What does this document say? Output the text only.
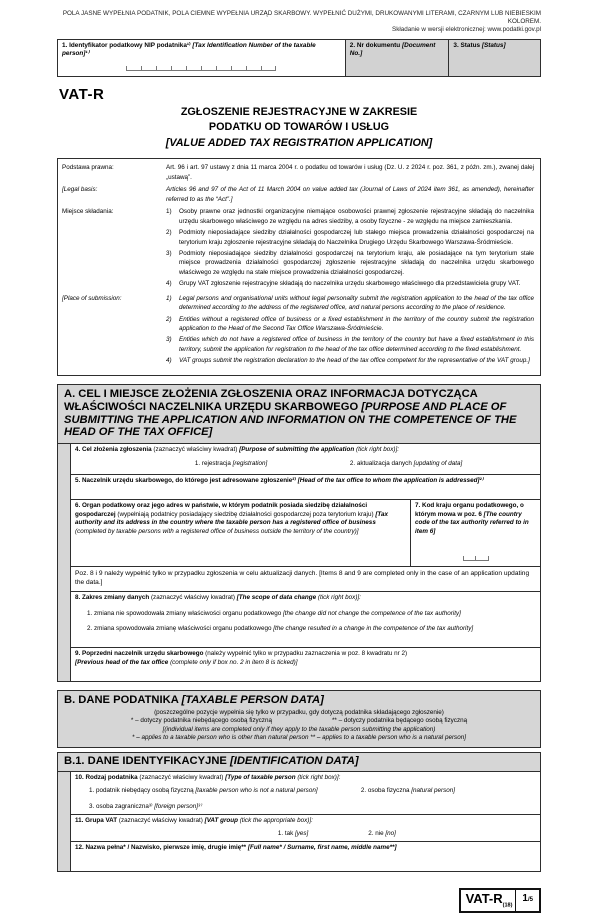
POLA JASNE WYPEŁNIA PODATNIK, POLA CIEMNE WYPEŁNIA URZĄD SKARBOWY. WYPEŁNIĆ DUŻYMI, DRUKOWANYMI LITERAMI, CZARNYM LUB NIEBIESKIM KOLOREM.
Składanie w wersji elektronicznej: www.podatki.gov.pl
1. Identyfikator podatkowy NIP podatnika¹⁾ [Tax Identification Number of the taxable person]¹⁾
2. Nr dokumentu [Document No.]
3. Status [Status]
VAT-R
ZGŁOSZENIE REJESTRACYJNE W ZAKRESIE
PODATKU OD TOWARÓW I USŁUG
[VALUE ADDED TAX REGISTRATION APPLICATION]
Podstawa prawna:	Art. 96 i art. 97 ustawy z dnia 11 marca 2004 r. o podatku od towarów i usług (Dz. U. z 2024 r. poz. 361, z późn. zm.), zwanej dalej „ustawą”.
[Legal basis:	Articles 96 and 97 of the Act of 11 March 2004 on value added tax (Journal of Laws of 2024 item 361, as amended), hereinafter referred to as the “Act”.]
Miejsce składania:	1)	Osoby prawne oraz jednostki organizacyjne niemające osobowości prawnej zgłoszenie rejestracyjne składają do naczelnika urzędu skarbowego właściwego ze względu na adres siedziby, a osoby fizyczne - ze względu na miejsce zamieszkania.
2)	Podmioty nieposiadające siedziby działalności gospodarczej lub stałego miejsca prowadzenia działalności gospodarczej na terytorium kraju zgłoszenie rejestracyjne składają do Naczelnika Drugiego Urzędu Skarbowego Warszawa-Śródmieście.
3)	Podmioty nieposiadające siedziby działalności gospodarczej na terytorium kraju, ale posiadające na tym terytorium stałe miejsce prowadzenia działalności gospodarczej zgłoszenie rejestracyjne składają do naczelnika urzędu skarbowego właściwego ze względu na stałe miejsce prowadzenia działalności gospodarczej.
4)	Grupy VAT zgłoszenie rejestracyjne składają do naczelnika urzędu skarbowego właściwego dla przedstawiciela grupy VAT.
[Place of submission:	1)	Legal persons and organisational units without legal personality submit the registration application to the head of the tax office determined according to the address of the registered office, and natural persons according to the place of residence.
2)	Entities without a registered office of business or a fixed establishment in the territory of the country submit the registration application to the Head of the Second Tax Office Warszawa-Śródmieście.
3)	Entities which do not have a registered office of business in the territory of the country but have a fixed establishment in this territory, submit the application for registration to the head of the tax office determined according to the fixed establishment.
4)	VAT groups submit the registration declaration to the head of the tax office competent for the representative of the VAT group.]
A. CEL I MIEJSCE ZŁOŻENIA ZGŁOSZENIA ORAZ INFORMACJA DOTYCZĄCA WŁAŚCIWOŚCI NACZELNIKA URZĘDU SKARBOWEGO [PURPOSE AND PLACE OF SUBMITTING THE APPLICATION AND INFORMATION ON THE COMPETENCE OF THE HEAD OF THE TAX OFFICE]
4. Cel złożenia zgłoszenia (zaznaczyć właściwy kwadrat) [Purpose of submitting the application (tick right box)]:
1. rejestracja [registration]	2. aktualizacja danych [updating of data]
5. Naczelnik urzędu skarbowego, do którego jest adresowane zgłoszenie²⁾ [Head of the tax office to whom the application is addressed]²⁾
6. Organ podatkowy oraz jego adres w państwie, w którym podatnik posiada siedzibę działalności gospodarczej (wypełniają podatnicy posiadający siedzibę działalności gospodarczej poza terytorium kraju) [Tax authority and its address in the country where the taxable person has a registered office of business (completed by taxable persons with a registered office of business outside the territory of the country)]
7. Kod kraju organu podatkowego, o którym mowa w poz. 6 [The country code of the tax authority referred to in item 6]
Poz. 8 i 9 należy wypełnić tylko w przypadku zgłoszenia w celu aktualizacji danych. [Items 8 and 9 are completed only in the case of an application updating the data.]
8. Zakres zmiany danych (zaznaczyć właściwy kwadrat) [The scope of data change (tick right box)]:
1. zmiana nie spowodowała zmiany właściwości organu podatkowego [the change did not change the competence of the tax authority]
2. zmiana spowodowała zmianę właściwości organu podatkowego [the change resulted in a change in the competence of the tax authority]
9. Poprzedni naczelnik urzędu skarbowego (należy wypełnić tylko w przypadku zaznaczenia w poz. 8 kwadratu nr 2)
[Previous head of the tax office (complete only if box no. 2 in item 8 is ticked)]
B. DANE PODATNIKA [TAXABLE PERSON DATA]
(poszczególne pozycje wypełnia się tylko w przypadku, gdy dotyczą podatnika składającego zgłoszenie)
* – dotyczy podatnika niebędącego osobą fizyczną	** – dotyczy podatnika będącego osobą fizyczną
[(individual items are completed only if they apply to the taxable person submitting the application)
* – applies to a taxable person who is other than natural person ** – applies to a taxable person who is a natural person]
B.1. DANE IDENTYFIKACYJNE [IDENTIFICATION DATA]
10. Rodzaj podatnika (zaznaczyć właściwy kwadrat) [Type of taxable person (tick right box)]:
1. podatnik niebędący osobą fizyczną [taxable person who is not a natural person]	2. osoba fizyczna [natural person]
3. osoba zagraniczna³⁾ [foreign person]³⁾
11. Grupa VAT (zaznaczyć właściwy kwadrat) [VAT group (tick the appropriate box)]:
1. tak [yes]	2. nie [no]
12. Nazwa pełna* / Nazwisko, pierwsze imię, drugie imię** [Full name* / Surname, first name, middle name**]
VAT-$R_{(18)}$
1/5
